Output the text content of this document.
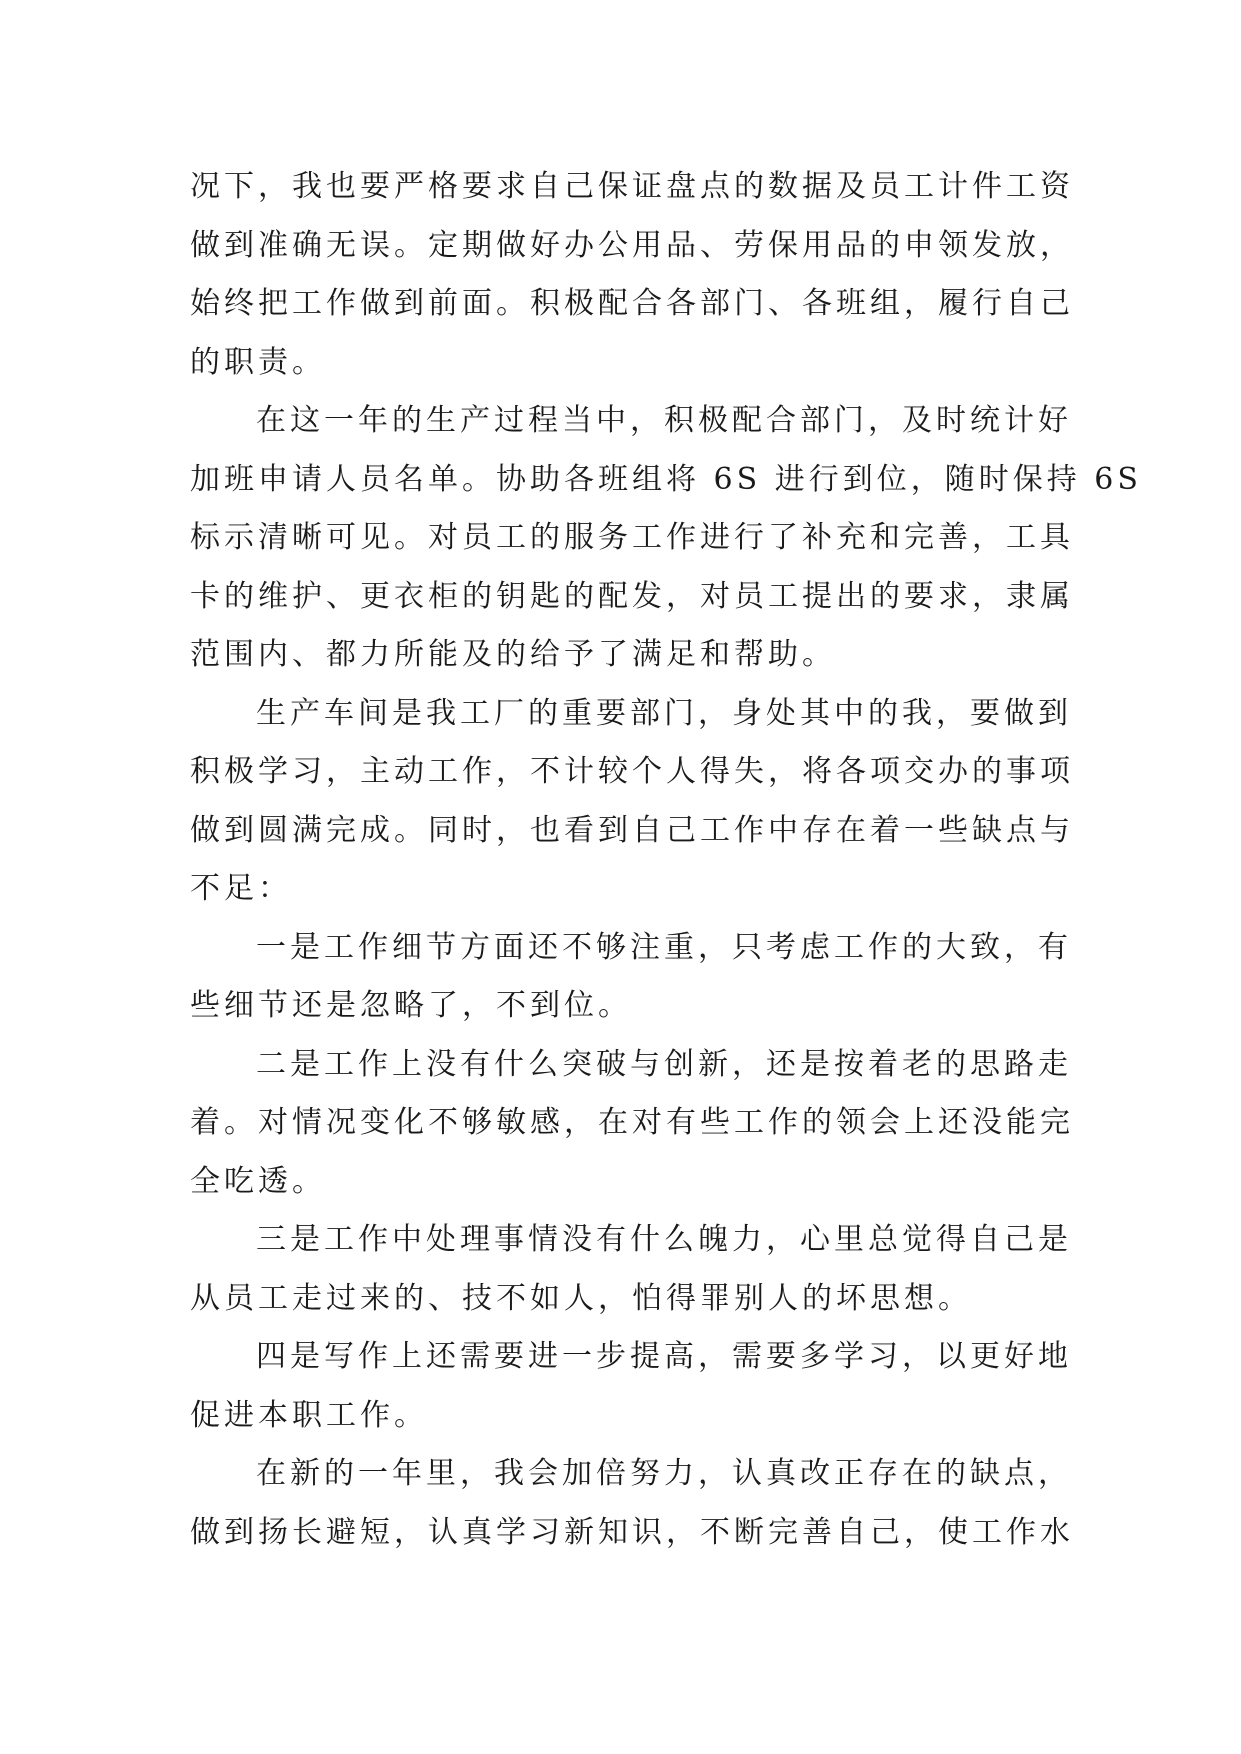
况下，我也要严格要求自己保证盘点的数据及员工计件工资
做到准确无误。定期做好办公用品、劳保用品的申领发放，
始终把工作做到前面。积极配合各部门、各班组，履行自己
的职责。
在这一年的生产过程当中，积极配合部门，及时统计好
加班申请人员名单。协助各班组将 6S 进行到位，随时保持 6S
标示清晰可见。对员工的服务工作进行了补充和完善，工具
卡的维护、更衣柜的钥匙的配发，对员工提出的要求，隶属
范围内、都力所能及的给予了满足和帮助。
生产车间是我工厂的重要部门，身处其中的我，要做到
积极学习，主动工作，不计较个人得失，将各项交办的事项
做到圆满完成。同时，也看到自己工作中存在着一些缺点与
不足：
一是工作细节方面还不够注重，只考虑工作的大致，有
些细节还是忽略了，不到位。
二是工作上没有什么突破与创新，还是按着老的思路走
着。对情况变化不够敏感，在对有些工作的领会上还没能完
全吃透。
三是工作中处理事情没有什么魄力，心里总觉得自己是
从员工走过来的、技不如人，怕得罪别人的坏思想。
四是写作上还需要进一步提高，需要多学习，以更好地
促进本职工作。
在新的一年里，我会加倍努力，认真改正存在的缺点，
做到扬长避短，认真学习新知识，不断完善自己，使工作水
